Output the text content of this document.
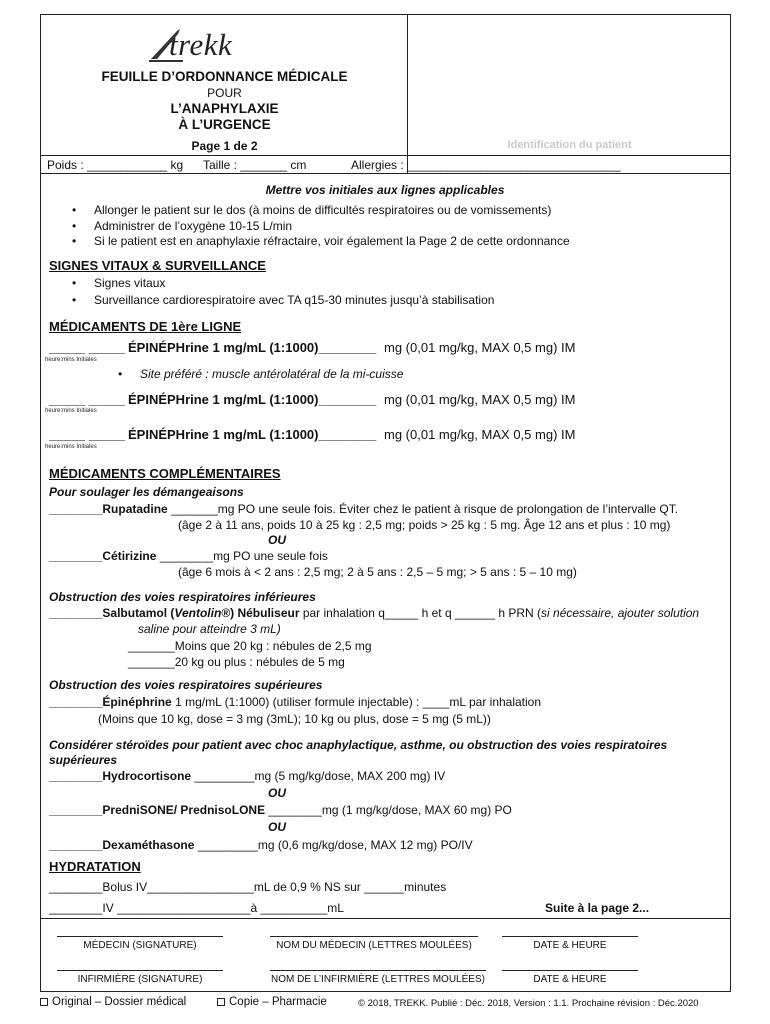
trekk
FEUILLE D’ORDONNANCE MÉDICALE
POUR
L’ANAPHYLAXIE
À L’URGENCE
Page 1 de 2	Identification du patient
Poids : ____________ kg Taille : _______ cm	Allergies : ________________________________
Mettre vos initiales aux lignes applicables
• Allonger le patient sur le dos (à moins de difficultés respiratoires ou de vomissements)
• Administrer de l’oxygène 10-15 L/min
• Si le patient est en anaphylaxie réfractaire, voir également la Page 2 de cette ordonnance
SIGNES VITAUX & SURVEILLANCE
• Signes vitaux
• Surveillance cardiorespiratoire avec TA q15-30 minutes jusqu’à stabilisation
MÉDICAMENTS DE 1ère LIGNE
_____ _____ ÉPINÉPHrine 1 mg/mL (1:1000)________ mg (0,01 mg/kg, MAX 0,5 mg) IM
heure:mins Initiales
• Site préféré : muscle antérolatéral de la mi-cuisse
_____ _____ ÉPINÉPHrine 1 mg/mL (1:1000)________ mg (0,01 mg/kg, MAX 0,5 mg) IM
heure:mins Initiales
_____ _____ ÉPINÉPHrine 1 mg/mL (1:1000)________ mg (0,01 mg/kg, MAX 0,5 mg) IM
heure:mins Initiales
MÉDICAMENTS COMPLÉMENTAIRES
Pour soulager les démangeaisons
________Rupatadine _______mg PO une seule fois. Éviter chez le patient à risque de prolongation de l’intervalle QT.
(âge 2 à 11 ans, poids 10 à 25 kg : 2,5 mg; poids > 25 kg : 5 mg. Âge 12 ans et plus : 10 mg)
OU
________Cétirizine ________mg PO une seule fois
(âge 6 mois à < 2 ans : 2,5 mg; 2 à 5 ans : 2,5 – 5 mg; > 5 ans : 5 – 10 mg)
Obstruction des voies respiratoires inférieures
________Salbutamol (Ventolin®) Nébuliseur par inhalation q_____ h et q ______ h PRN (si nécessaire, ajouter solution
saline pour atteindre 3 mL)
_______Moins que 20 kg : nébules de 2,5 mg
_______20 kg ou plus : nébules de 5 mg
Obstruction des voies respiratoires supérieures
________Épinéphrine 1 mg/mL (1:1000) (utiliser formule injectable) : ____mL par inhalation
(Moins que 10 kg, dose = 3 mg (3mL); 10 kg ou plus, dose = 5 mg (5 mL))
Considérer stéroïdes pour patient avec choc anaphylactique, asthme, ou obstruction des voies respiratoires
supérieures
________Hydrocortisone _________mg (5 mg/kg/dose, MAX 200 mg) IV
OU
________PredniSONE/ PrednisoLONE ________mg (1 mg/kg/dose, MAX 60 mg) PO
OU
________Dexaméthasone _________mg (0,6 mg/kg/dose, MAX 12 mg) PO/IV
HYDRATATION
________Bolus IV________________mL de 0,9 % NS sur ______minutes
________IV ____________________à __________mL	Suite à la page 2...
MÉDECIN (SIGNATURE)	NOM DU MÉDECIN (LETTRES MOULÉES)	DATE & HEURE
INFIRMIÈRE (SIGNATURE)	NOM DE L’INFIRMIÈRE (LETTRES MOULÉES)	DATE & HEURE
Original – Dossier médical	Copie – Pharmacie	© 2018, TREKK. Publié : Déc. 2018, Version : 1.1. Prochaine révision : Déc.2020
